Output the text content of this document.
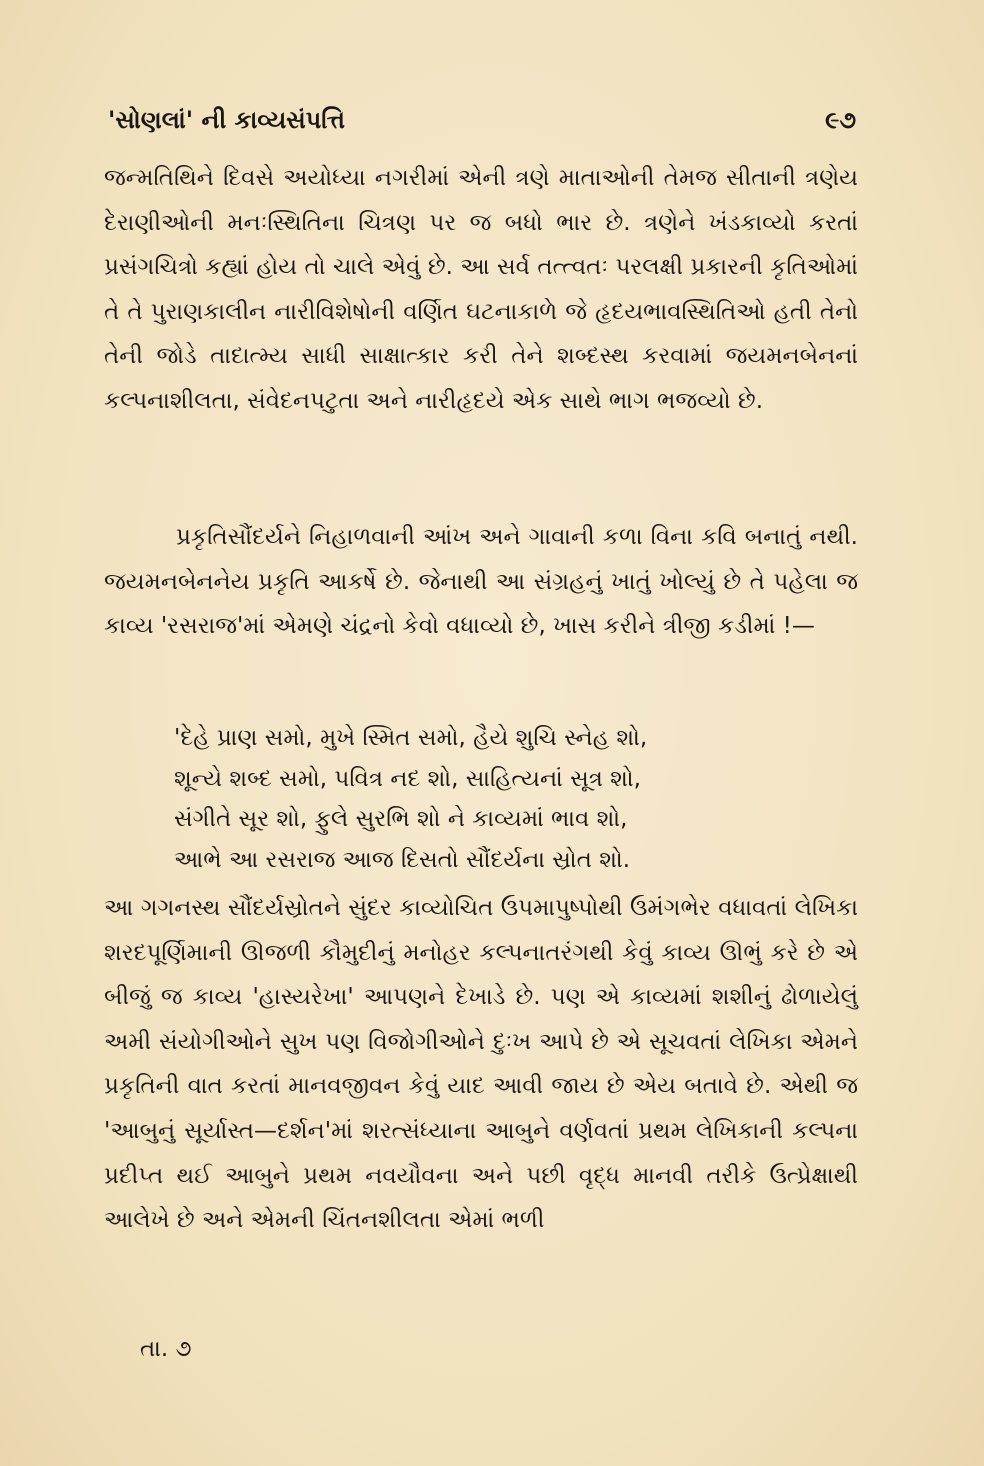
'સોણલાં' ની કાવ્યસંપત્તિ	૯૭

જન્મતિથિને દિવસે અયોધ્યા નગરીમાં એની ત્રણે માતાઓની તેમજ સીતાની ત્રણેય દેરાણીઓની મનઃસ્થિતિના ચિત્રણ પર જ બધો ભાર છે. ત્રણેને ખંડકાવ્યો કરતાં પ્રસંગચિત્રો કહ્યાં હોય તો ચાલે એવું છે. આ સર્વ તત્ત્વતઃ પરલક્ષી પ્રકારની કૃતિઓમાં તે તે પુરાણકાલીન નારીવિશેષોની વર્ણિત ઘટનાકાળે જે હૃદયભાવસ્થિતિઓ હતી તેનો તેની જોડે તાદાત્મ્ય સાધી સાક્ષાત્કાર કરી તેને શબ્દસ્થ કરવામાં જયમનબેનનાં કલ્પનાશીલતા, સંવેદનપટુતા અને નારીહૃદયે એક સાથે ભાગ ભજવ્યો છે.

પ્રકૃતિસૌંદર્યને નિહાળવાની આંખ અને ગાવાની કળા વિના કવિ બનાતું નથી. જયમનબેનનેય પ્રકૃતિ આકર્ષે છે. જેનાથી આ સંગ્રહનું ખાતું ખોલ્યું છે તે પહેલા જ કાવ્ય 'રસરાજ'માં એમણે ચંદ્રનો કેવો વધાવ્યો છે, ખાસ કરીને ત્રીજી કડીમાં !—

'દેહે પ્રાણ સમો, મુખે સ્મિત સમો, હૈયે શુચિ સ્નેહ શો,
શૂન્યે શબ્દ સમો, પવિત્ર નદ શો, સાહિત્યનાં સૂત્ર શો,
સંગીતે સૂર શો, ફુલે સુરભિ શો ને કાવ્યમાં ભાવ શો,
આભે આ રસરાજ આજ દિસતો સૌંદર્યના સ્રોત શો.

આ ગગનસ્થ સૌંદર્યસ્રોતને સુંદર કાવ્યોચિત ઉપમાપુષ્પોથી ઉમંગભેર વધાવતાં લેખિકા શરદપૂર્ણિમાની ઊજળી કૌમુદીનું મનોહર કલ્પનાતરંગથી કેવું કાવ્ય ઊભું કરે છે એ બીજું જ કાવ્ય 'હાસ્યરેખા' આપણને દેખાડે છે. પણ એ કાવ્યમાં શશીનું ઢોળાયેલું અમી સંયોગીઓને સુખ પણ વિજોગીઓને દુઃખ આપે છે એ સૂચવતાં લેખિકા એમને પ્રકૃતિની વાત કરતાં માનવજીવન કેવું યાદ આવી જાય છે એય બતાવે છે. એથી જ 'આબુનું સૂર્યાસ્ત—દર્શન'માં શરત્સંધ્યાના આબુને વર્ણવતાં પ્રથમ લેખિકાની કલ્પના પ્રદીપ્ત થઈ આબુને પ્રથમ નવયૌવના અને પછી વૃદ્ધ માનવી તરીકે ઉત્પ્રેક્ષાથી આલેખે છે અને એમની ચિંતનશીલતા એમાં ભળી

તા. ૭
